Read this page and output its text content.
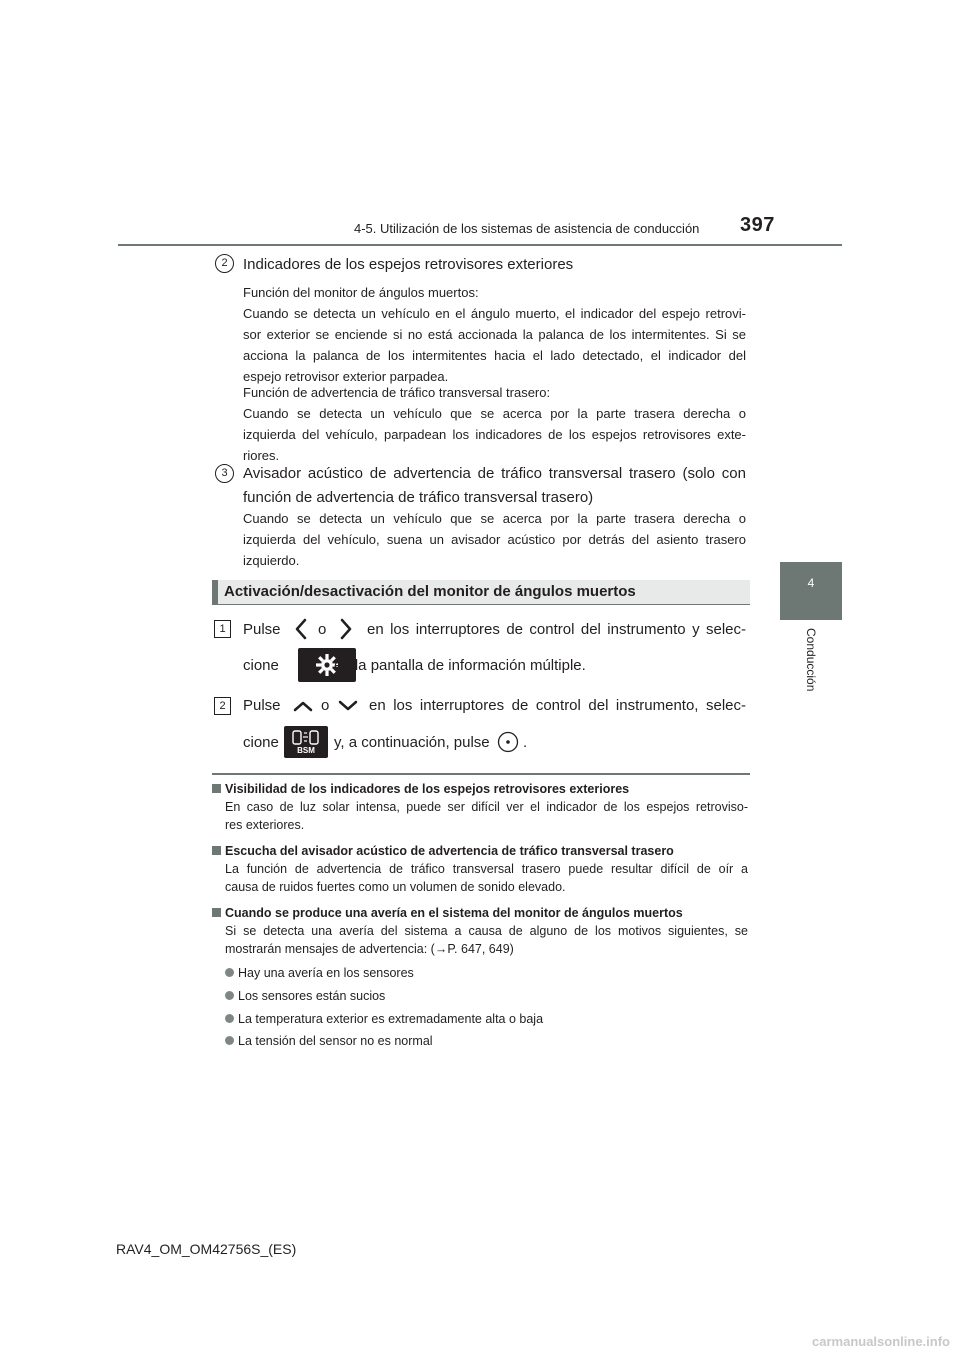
4-5. Utilización de los sistemas de asistencia de conducción 397
4
Conducción
2	Indicadores de los espejos retrovisores exteriores
Función del monitor de ángulos muertos:
Cuando se detecta un vehículo en el ángulo muerto, el indicador del espejo retrovi-
sor exterior se enciende si no está accionada la palanca de los intermitentes. Si se
acciona la palanca de los intermitentes hacia el lado detectado, el indicador del
espejo retrovisor exterior parpadea.
Función de advertencia de tráfico transversal trasero:
Cuando se detecta un vehículo que se acerca por la parte trasera derecha o
izquierda del vehículo, parpadean los indicadores de los espejos retrovisores exte-
riores.
3	Avisador acústico de advertencia de tráfico transversal trasero (solo con
función de advertencia de tráfico transversal trasero)
Cuando se detecta un vehículo que se acerca por la parte trasera derecha o
izquierda del vehículo, suena un avisador acústico por detrás del asiento trasero
izquierdo.
Activación/desactivación del monitor de ángulos muertos
1	Pulse o	en los interruptores de control del instrumento y selec-
cione	en la pantalla de información múltiple.
2	Pulse	o	en los interruptores de control del instrumento, selec-
cione	BSM	y, a continuación, pulse .
Visibilidad de los indicadores de los espejos retrovisores exteriores
En caso de luz solar intensa, puede ser difícil ver el indicador de los espejos retroviso-
res exteriores.
Escucha del avisador acústico de advertencia de tráfico transversal trasero
La función de advertencia de tráfico transversal trasero puede resultar difícil de oír a
causa de ruidos fuertes como un volumen de sonido elevado.
Cuando se produce una avería en el sistema del monitor de ángulos muertos
Si se detecta una avería del sistema a causa de alguno de los motivos siguientes, se
mostrarán mensajes de advertencia: (→P. 647, 649)
Hay una avería en los sensores
Los sensores están sucios
La temperatura exterior es extremadamente alta o baja
La tensión del sensor no es normal
RAV4_OM_OM42756S_(ES)
carmanualsonline.info
